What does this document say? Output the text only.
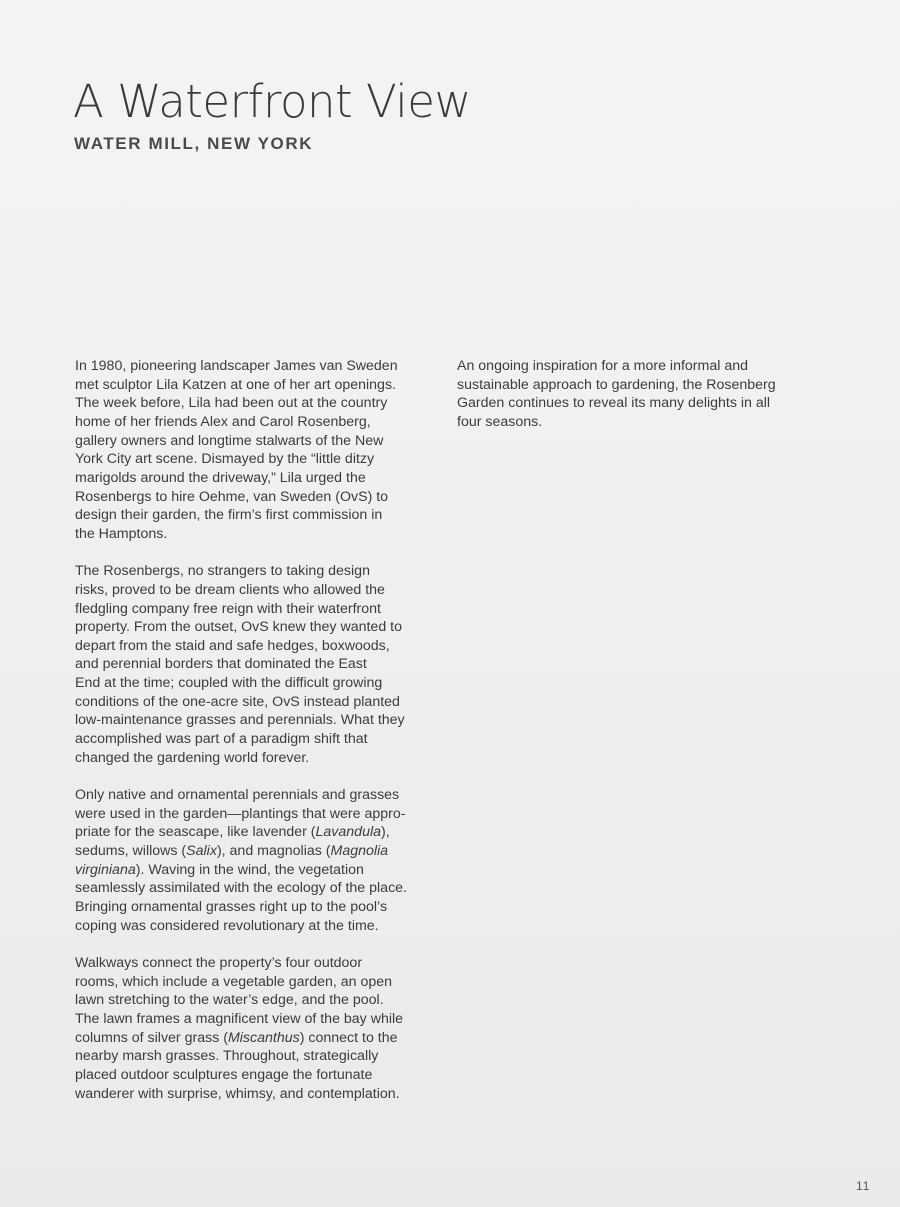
A Waterfront View
WATER MILL, NEW YORK

In 1980, pioneering landscaper James van Sweden
met sculptor Lila Katzen at one of her art openings.
The week before, Lila had been out at the country
home of her friends Alex and Carol Rosenberg,
gallery owners and longtime stalwarts of the New
York City art scene. Dismayed by the “little ditzy
marigolds around the driveway,” Lila urged the
Rosenbergs to hire Oehme, van Sweden (OvS) to
design their garden, the firm’s first commission in
the Hamptons.

The Rosenbergs, no strangers to taking design
risks, proved to be dream clients who allowed the
fledgling company free reign with their waterfront
property. From the outset, OvS knew they wanted to
depart from the staid and safe hedges, boxwoods,
and perennial borders that dominated the East
End at the time; coupled with the difficult growing
conditions of the one-acre site, OvS instead planted
low-maintenance grasses and perennials. What they
accomplished was part of a paradigm shift that
changed the gardening world forever.

Only native and ornamental perennials and grasses
were used in the garden—plantings that were appro-
priate for the seascape, like lavender (Lavandula),
sedums, willows (Salix), and magnolias (Magnolia
virginiana). Waving in the wind, the vegetation
seamlessly assimilated with the ecology of the place.
Bringing ornamental grasses right up to the pool’s
coping was considered revolutionary at the time.

Walkways connect the property’s four outdoor
rooms, which include a vegetable garden, an open
lawn stretching to the water’s edge, and the pool.
The lawn frames a magnificent view of the bay while
columns of silver grass (Miscanthus) connect to the
nearby marsh grasses. Throughout, strategically
placed outdoor sculptures engage the fortunate
wanderer with surprise, whimsy, and contemplation.

An ongoing inspiration for a more informal and
sustainable approach to gardening, the Rosenberg
Garden continues to reveal its many delights in all
four seasons.

11
